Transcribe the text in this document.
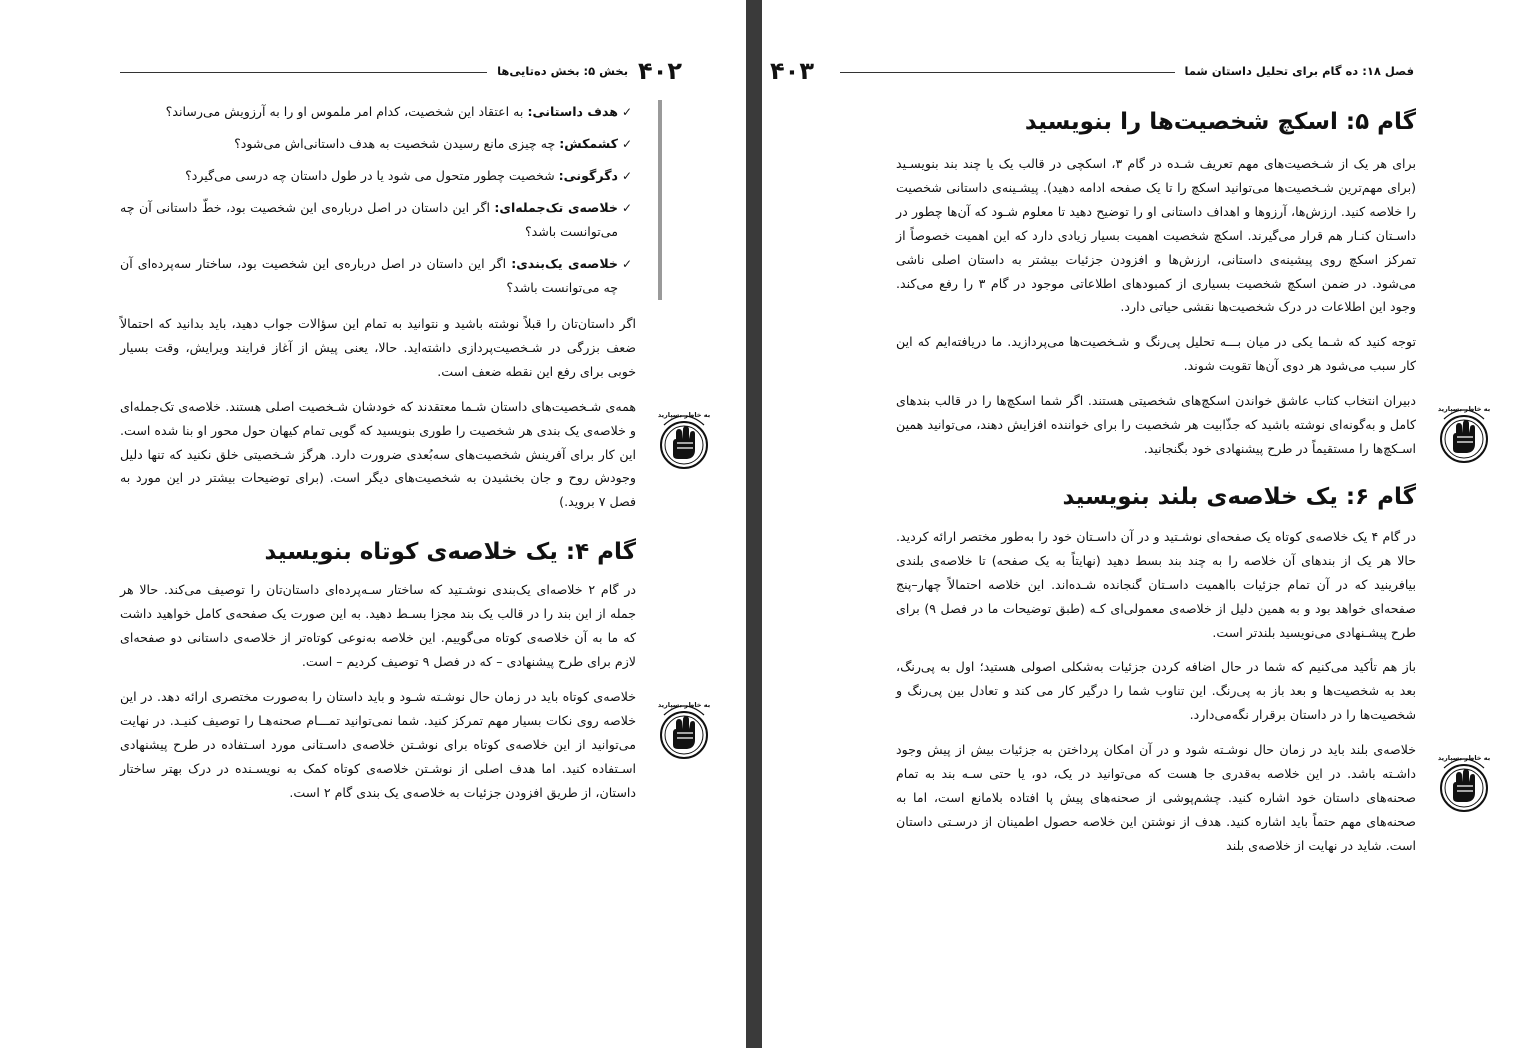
۴۰۲
بخش ۵: بخش ده‌تایی‌ها
✓ هدف داستانی: به اعتقاد این شخصیت، کدام امر ملموس او را به آرزویش می‌رساند؟
✓ کشمکش: چه چیزی مانع رسیدن شخصیت به هدف داستانی‌اش می‌شود؟
✓ دگرگونی: شخصیت چطور متحول می شود یا در طول داستان چه درسی می‌گیرد؟
✓ خلاصه‌ی تک‌جمله‌ای: اگر این داستان در اصل درباره‌ی این شخصیت بود، خطّ داستانی آن چه می‌توانست باشد؟
✓ خلاصه‌ی یک‌بندی: اگر این داستان در اصل درباره‌ی این شخصیت بود، ساختار سه‌پرده‌ای آن چه می‌توانست باشد؟

اگر داستان‌تان را قبلاً نوشته باشید و نتوانید به تمام این سؤالات جواب دهید، باید بدانید که احتمالاً ضعف بزرگی در شـخصیت‌پردازی داشته‌اید. حالا، یعنی پیش از آغاز فرایند ویرایش، وقت بسیار خوبی برای رفع این نقطه ضعف است.

همه‌ی شـخصیت‌های داستان شـما معتقدند که خودشان شـخصیت اصلی هستند. خلاصه‌ی تک‌جمله‌ای و خلاصه‌ی یک بندی هر شخصیت را طوری بنویسید که گویی تمام کیهان حول محور او بنا شده است. این کار برای آفرینش شخصیت‌های سه‌بُعدی ضرورت دارد. هرگز شـخصیتی خلق نکنید که تنها دلیل وجودش روح و جان بخشیدن به شخصیت‌های دیگر است. (برای توضیحات بیشتر در این مورد به فصل ۷ بروید.)

گام ۴: یک خلاصه‌ی کوتاه بنویسید

در گام ۲ خلاصه‌ای یک‌بندی نوشـتید که ساختار سـه‌پرده‌ای داستان‌تان را توصیف می‌کند. حالا هر جمله از این بند را در قالب یک بند مجزا بسـط دهید. به این صورت یک صفحه‌ی کامل خواهید داشت که ما به آن خلاصه‌ی کوتاه می‌گوییم. این خلاصه به‌نوعی کوتاه‌تر از خلاصه‌ی داستانی دو صفحه‌ای لازم برای طرح پیشنهادی – که در فصل ۹ توصیف کردیم – است.

خلاصه‌ی کوتاه باید در زمان حال نوشـته شـود و باید داستان را به‌صورت مختصری ارائه دهد. در این خلاصه روی نکات بسیار مهم تمرکز کنید. شما نمی‌توانید تمـــام صحنه‌هـا را توصیف کنیـد. در نهایت می‌توانید از این خلاصه‌ی کوتاه برای نوشـتن خلاصه‌ی داسـتانی مورد اسـتفاده در طرح پیشنهادی اسـتفاده کنید. اما هدف اصلی از نوشـتن خلاصه‌ی کوتاه کمک به نویسـنده در درک بهتر ساختار داستان، از طریق افزودن جزئیات به خلاصه‌ی یک بندی گام ۲ است.

فصل ۱۸: ده گام برای تحلیل داستان شما
۴۰۳
گام ۵: اسکچ شخصیت‌ها را بنویسید

برای هر یک از شـخصیت‌های مهم تعریف شـده در گام ۳، اسکچی در قالب یک یا چند بند بنویسـید (برای مهم‌ترین شـخصیت‌ها می‌توانید اسکچ را تا یک صفحه ادامه دهید). پیشـینه‌ی داستانی شخصیت را خلاصه کنید. ارزش‌ها، آرزوها و اهداف داستانی او را توضیح دهید تا معلوم شـود که آن‌ها چطور در داسـتان کنـار هم قرار می‌گیرند. اسکچ شخصیت اهمیت بسیار زیادی دارد که این اهمیت خصوصاً از تمرکز اسکچ روی پیشینه‌ی داستانی، ارزش‌ها و افزودن جزئیات بیشتر به داستان اصلی ناشی می‌شود. در ضمن اسکچ شخصیت بسیاری از کمبودهای اطلاعاتی موجود در گام ۳ را رفع می‌کند. وجود این اطلاعات در درک شخصیت‌ها نقشی حیاتی دارد.

توجه کنید که شـما یکی در میان بـــه تحلیل پی‌رنگ و شـخصیت‌ها می‌پردازید. ما دریافته‌ایم که این کار سبب می‌شود هر دوی آن‌ها تقویت شوند.

دبیران انتخاب کتاب عاشق خواندن اسکچ‌های شخصیتی هستند. اگر شما اسکچ‌ها را در قالب بندهای کامل و به‌گونه‌ای نوشته باشید که جذّابیت هر شخصیت را برای خواننده افزایش دهند، می‌توانید همین اسـکچ‌ها را مستقیماً در طرح پیشنهادی خود بگنجانید.

گام ۶: یک خلاصه‌ی بلند بنویسید

در گام ۴ یک خلاصه‌ی کوتاه یک صفحه‌ای نوشـتید و در آن داسـتان خود را به‌طور مختصر ارائه کردید. حالا هر یک از بندهای آن خلاصه را به چند بند بسط دهید (نهایتاً به یک صفحه) تا خلاصه‌ی بلندی بیافرینید که در آن تمام جزئیات بااهمیت داسـتان گنجانده شـده‌اند. این خلاصه احتمالاً چهار–پنج صفحه‌ای خواهد بود و به همین دلیل از خلاصه‌ی معمولی‌ای کـه (طبق توضیحات ما در فصل ۹) برای طرح پیشـنهادی می‌نویسید بلندتر است.

باز هم تأکید می‌کنیم که شما در حال اضافه کردن جزئیات به‌شکلی اصولی هستید؛ اول به پی‌رنگ، بعد به شخصیت‌ها و بعد باز به پی‌رنگ. این تناوب شما را درگیر کار می کند و تعادل بین پی‌رنگ و شخصیت‌ها را در داستان برقرار نگه‌می‌دارد.

خلاصه‌ی بلند باید در زمان حال نوشـته شود و در آن امکان پرداختن به جزئیات بیش از پیش وجود داشـته باشد. در این خلاصه به‌قدری جا هست که می‌توانید در یک، دو، یا حتی سـه بند به تمام صحنه‌های داستان خود اشاره کنید. چشم‌پوشی از صحنه‌های پیش پا افتاده بلامانع است، اما به صحنه‌های مهم حتماً باید اشاره کنید. هدف از نوشتن این خلاصه حصول اطمینان از درسـتی داستان است. شاید در نهایت از خلاصه‌ی بلند
